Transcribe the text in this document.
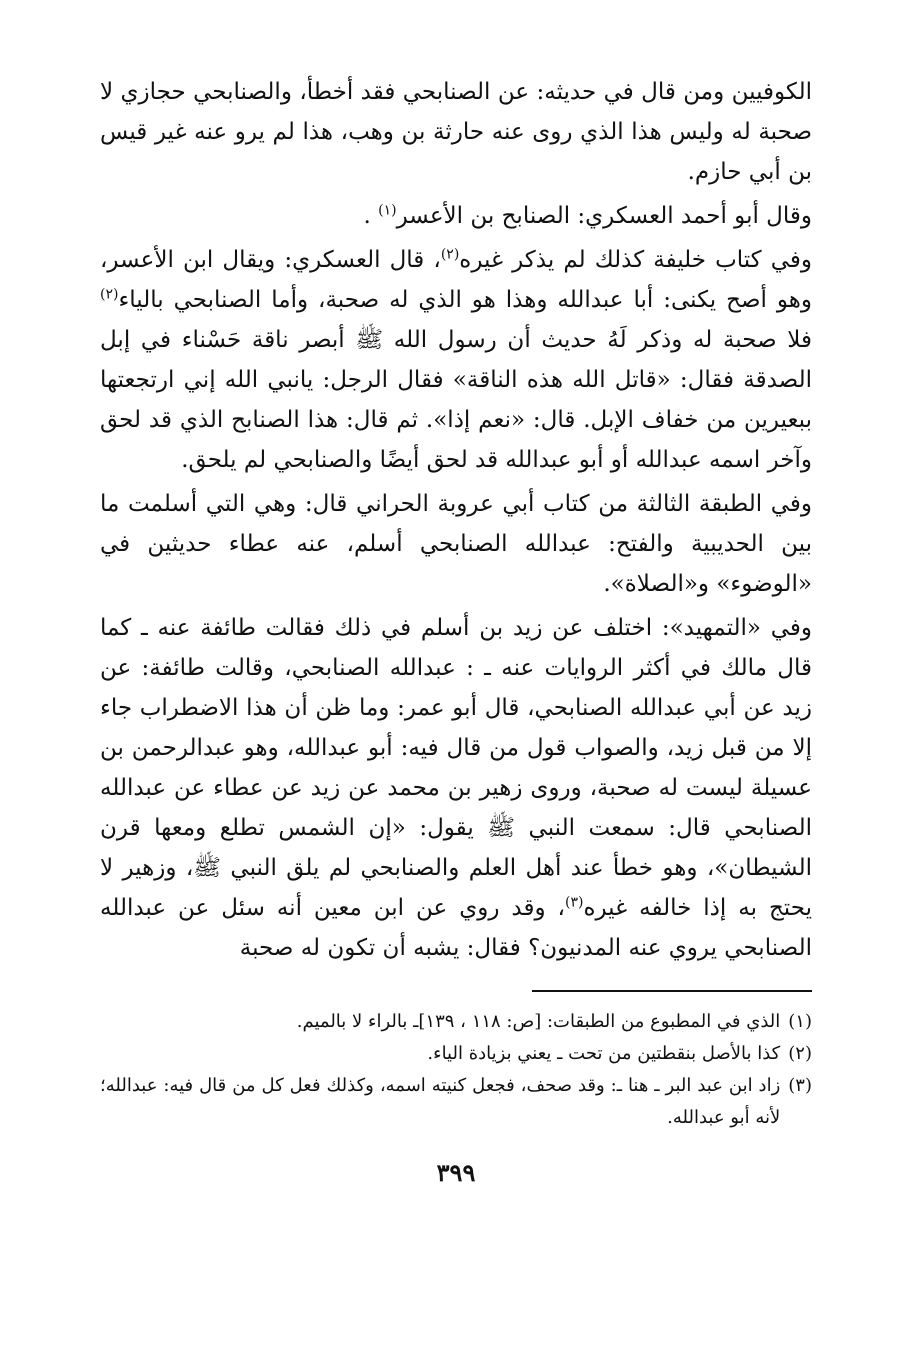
الكوفيين ومن قال في حديثه: عن الصنابحي فقد أخطأ، والصنابحي حجازي لا صحبة له وليس هذا الذي روى عنه حارثة بن وهب، هذا لم يرو عنه غير قيس بن أبي حازم.

وقال أبو أحمد العسكري: الصنابح بن الأعسر$^{(١)}$ .

وفي كتاب خليفة كذلك لم يذكر غيره$^{(٢)}$، قال العسكري: ويقال ابن الأعسر، وهو أصح يكنى: أبا عبدالله وهذا هو الذي له صحبة، وأما الصنابحي بالياء$^{(٢)}$ فلا صحبة له وذكر لَهُ حديث أن رسول الله ﷺ أبصر ناقة حَسْناء في إبل الصدقة فقال: «قاتل الله هذه الناقة» فقال الرجل: يانبي الله إني ارتجعتها ببعيرين من خفاف الإبل. قال: «نعم إذا». ثم قال: هذا الصنابح الذي قد لحق وآخر اسمه عبدالله أو أبو عبدالله قد لحق أيضًا والصنابحي لم يلحق.

وفي الطبقة الثالثة من كتاب أبي عروبة الحراني قال: وهي التي أسلمت ما بين الحديبية والفتح: عبدالله الصنابحي أسلم، عنه عطاء حديثين في «الوضوء» و«الصلاة».

وفي «التمهيد»: اختلف عن زيد بن أسلم في ذلك فقالت طائفة عنه ـ كما قال مالك في أكثر الروايات عنه ـ : عبدالله الصنابحي، وقالت طائفة: عن زيد عن أبي عبدالله الصنابحي، قال أبو عمر: وما ظن أن هذا الاضطراب جاء إلا من قبل زيد، والصواب قول من قال فيه: أبو عبدالله، وهو عبدالرحمن بن عسيلة ليست له صحبة، وروى زهير بن محمد عن زيد عن عطاء عن عبدالله الصنابحي قال: سمعت النبي ﷺ يقول: «إن الشمس تطلع ومعها قرن الشيطان»، وهو خطأ عند أهل العلم والصنابحي لم يلق النبي ﷺ، وزهير لا يحتج به إذا خالفه غيره$^{(٣)}$، وقد روي عن ابن معين أنه سئل عن عبدالله الصنابحي يروي عنه المدنيون؟ فقال: يشبه أن تكون له صحبة

(١)
الذي في المطبوع من الطبقات: [ص: ١١٨ ، ١٣٩]ـ بالراء لا بالميم.
(٢)
كذا بالأصل بنقطتين من تحت ـ يعني بزيادة الياء.
(٣)
زاد ابن عبد البر ـ هنا ـ: وقد صحف، فجعل كنيته اسمه، وكذلك فعل كل من قال فيه: عبدالله؛ لأنه أبو عبدالله.
٣٩٩
